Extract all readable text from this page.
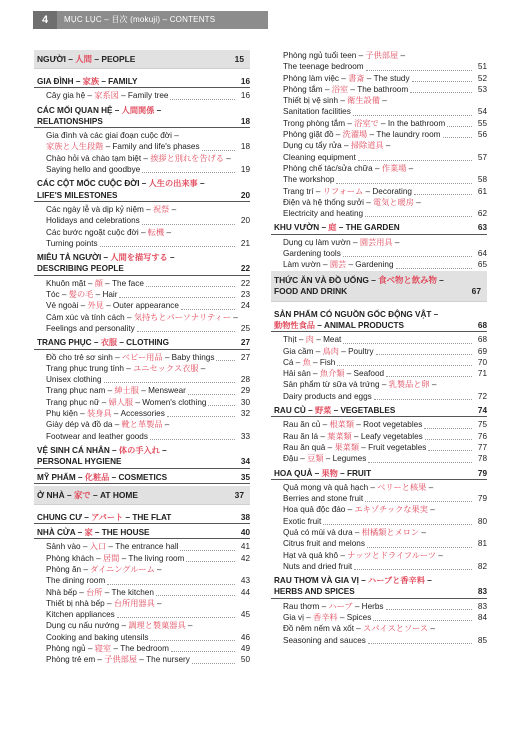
4	MỤC LỤC – 目次 (mokuji) – CONTENTS
NGƯỜI – 人間 – PEOPLE	15
GIA ĐÌNH – 家族 – FAMILY	16
Cây gia hệ – 家系図 – Family tree	16
CÁC MỐI QUAN HỆ – 人間関係 –
RELATIONSHIPS	18
Gia đình và các giai đoạn cuộc đời –
家族と人生段階 – Family and life's phases	18
Chào hỏi và chào tạm biệt – 挨拶と別れを告げる –
Saying hello and goodbye	19
CÁC CỘT MỐC CUỘC ĐỜI – 人生の出来事 –
LIFE'S MILESTONES	20
Các ngày lễ và dịp kỷ niệm – 祝祭 –
Holidays and celebrations	20
Các bước ngoặt cuộc đời – 転機 –
Turning points	21
MIÊU TẢ NGƯỜI – 人間を描写する –
DESCRIBING PEOPLE	22
Khuôn mặt – 顔 – The face	22
Tóc – 髪の毛 – Hair	23
Vẻ ngoài – 外見 – Outer appearance	24
Cảm xúc và tính cách – 気持ちとパーソナリティー –
Feelings and personality	25
TRANG PHỤC – 衣服 – CLOTHING	27
Đồ cho trẻ sơ sinh – ベビー用品 – Baby things	27
Trang phục trung tính – ユニセックス衣服 –
Unisex clothing	28
Trang phục nam – 紳士服 – Menswear	29
Trang phục nữ – 婦人服 – Women's clothing	30
Phụ kiện – 装身具 – Accessories	32
Giày dép và đồ da – 靴と革製品 –
Footwear and leather goods	33
VỆ SINH CÁ NHÂN – 体の手入れ –
PERSONAL HYGIENE	34
MỸ PHẨM – 化粧品 – COSMETICS	35
Ở NHÀ – 家で – AT HOME	37
CHUNG CƯ – アパート – THE FLAT	38
NHÀ CỬA – 家 – THE HOUSE	40
Sảnh vào – 入口 – The entrance hall	41
Phòng khách – 居間 – The living room	42
Phòng ăn – ダイニングルーム –
The dining room	43
Nhà bếp – 台所 – The kitchen	44
Thiết bị nhà bếp – 台所用器具 –
Kitchen appliances	45
Dụng cụ nấu nướng – 調理と製菓器具 –
Cooking and baking utensils	46
Phòng ngủ – 寝室 – The bedroom	49
Phòng trẻ em – 子供部屋 – The nursery	50
Phòng ngủ tuổi teen – 子供部屋 –
The teenage bedroom	51
Phòng làm việc – 書斎 – The study	52
Phòng tắm – 浴室 – The bathroom	53
Thiết bị vệ sinh – 衛生設備 –
Sanitation facilities	54
Trong phòng tắm – 浴室で – In the bathroom	55
Phòng giặt đồ – 洗濯場 – The laundry room	56
Dụng cụ tẩy rửa – 掃除道具 –
Cleaning equipment	57
Phòng chế tác/sửa chữa – 作業場 –
The workshop	58
Trang trí – リフォーム – Decorating	61
Điện và hệ thống sưởi – 電気と暖房 –
Electricity and heating	62
KHU VƯỜN – 庭 – THE GARDEN	63
Dụng cụ làm vườn – 園芸用具 –
Gardening tools	64
Làm vườn – 園芸 – Gardening	65
THỨC ĂN VÀ ĐỒ UỐNG – 食べ物と飲み物 –
FOOD AND DRINK	67
SẢN PHẨM CÓ NGUỒN GỐC ĐỘNG VẬT –
動物性食品 – ANIMAL PRODUCTS	68
Thịt – 肉 – Meat	68
Gia cầm – 鳥肉 – Poultry	69
Cá – 魚 – Fish	70
Hải sản – 魚介類 – Seafood	71
Sản phẩm từ sữa và trứng – 乳製品と卵 –
Dairy products and eggs	72
RAU CỦ – 野菜 – VEGETABLES	74
Rau ăn củ – 根菜類 – Root vegetables	75
Rau ăn lá – 葉菜類 – Leafy vegetables	76
Rau ăn quả – 果菜類 – Fruit vegetables	77
Đậu – 豆類 – Legumes	78
HOA QUẢ – 果物 – FRUIT	79
Quả mọng và quả hạch – ベリーと核果 –
Berries and stone fruit	79
Hoa quả độc đáo – エキゾチックな果実 –
Exotic fruit	80
Quả có múi và dưa – 柑橘類とメロン –
Citrus fruit and melons	81
Hạt và quả khô – ナッツとドライフルーツ –
Nuts and dried fruit	82
RAU THƠM VÀ GIA VỊ – ハーブと香辛料 –
HERBS AND SPICES	83
Rau thơm – ハーブ – Herbs	83
Gia vị – 香辛料 – Spices	84
Đồ nêm nếm và xốt – スパイスとソース –
Seasoning and sauces	85
